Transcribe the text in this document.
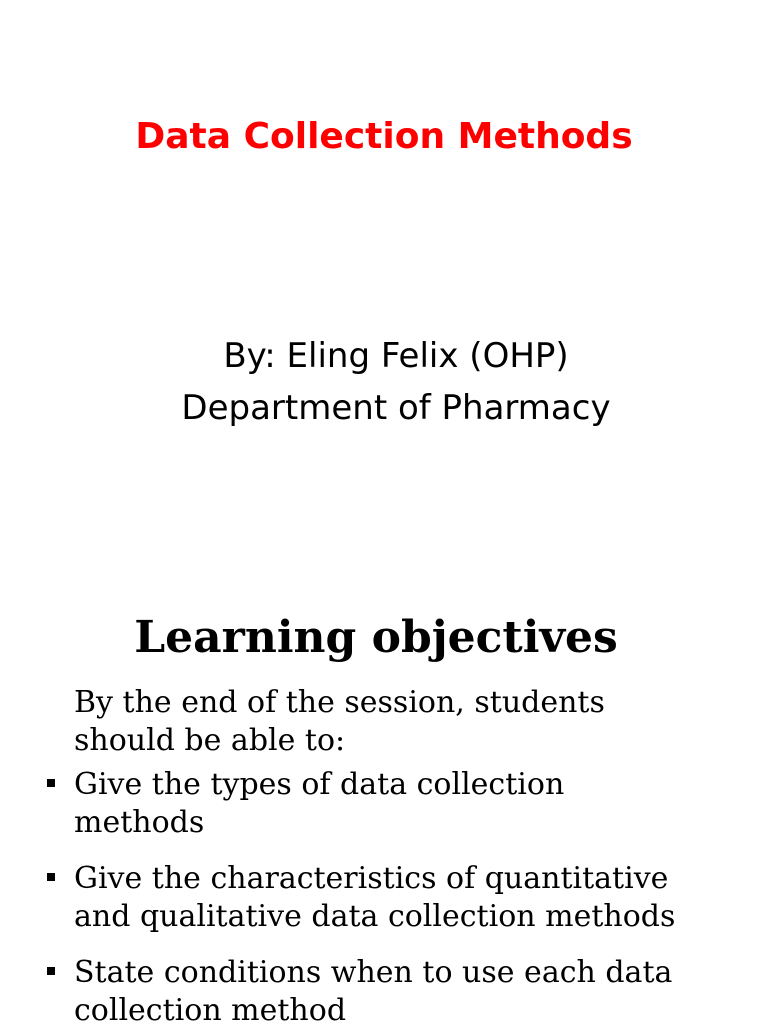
Data Collection Methods
By: Eling Felix (OHP)
Department of Pharmacy
Learning objectives
By the end of the session, students
should be able to:
Give the types of data collection
methods
Give the characteristics of quantitative
and qualitative data collection methods
State conditions when to use each data
collection method
